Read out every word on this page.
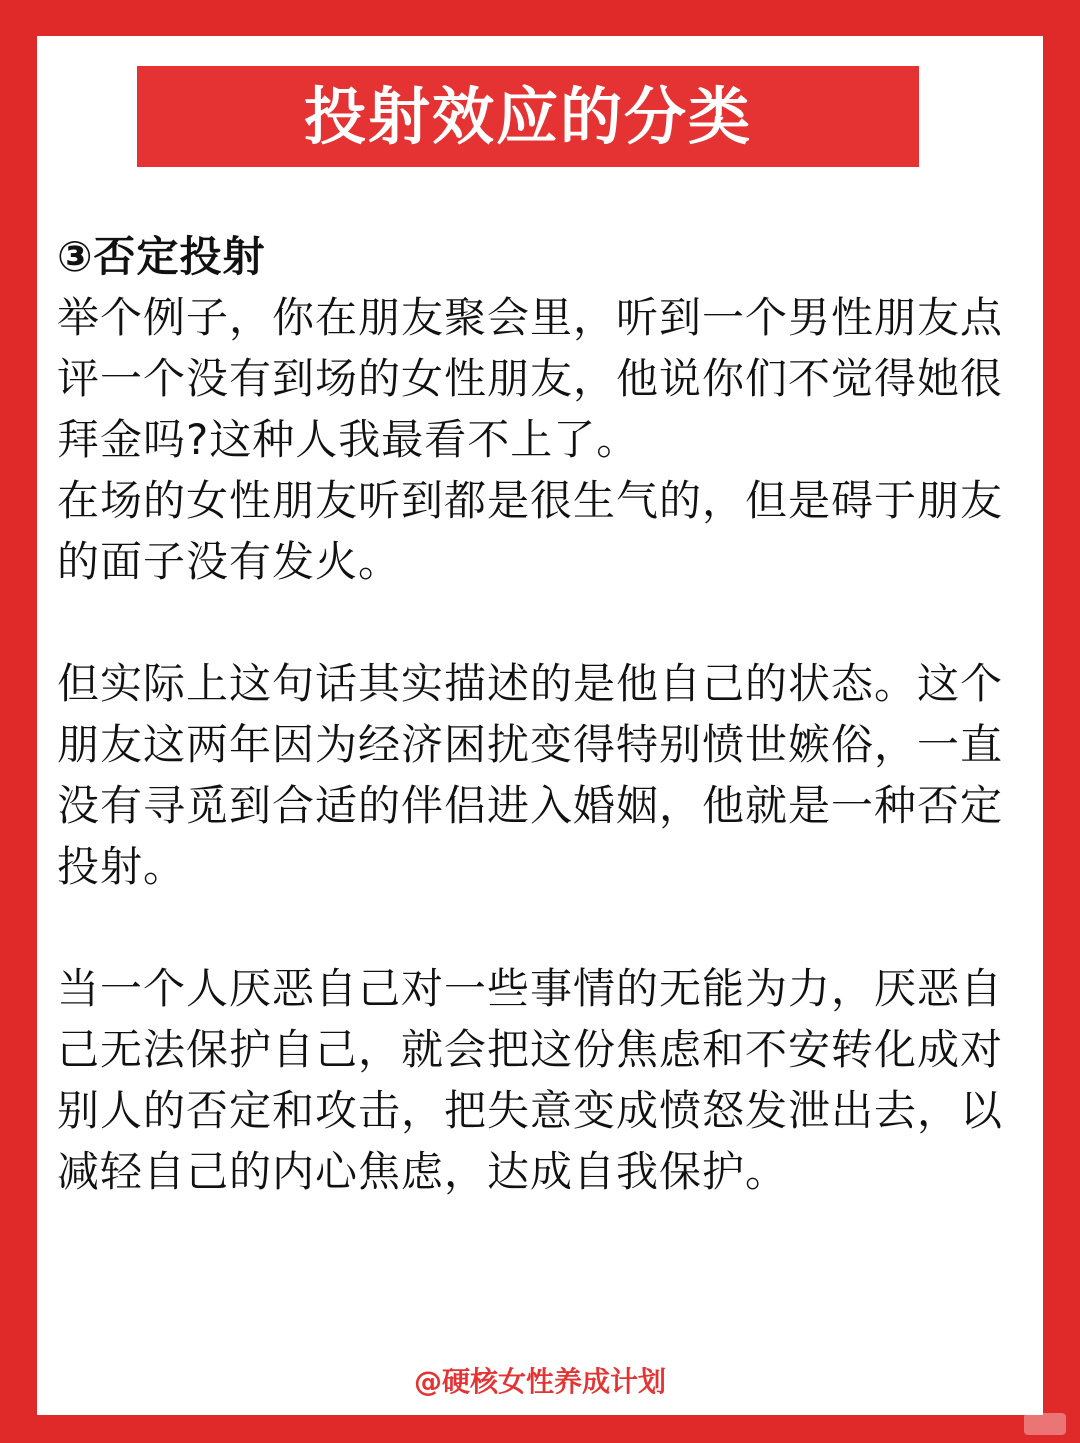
投射效应的分类
③否定投射

举个例子，你在朋友聚会里，听到一个男性朋友点评一个没有到场的女性朋友，他说你们不觉得她很拜金吗?这种人我最看不上了。
在场的女性朋友听到都是很生气的，但是碍于朋友的面子没有发火。

但实际上这句话其实描述的是他自己的状态。这个朋友这两年因为经济困扰变得特别愤世嫉俗，一直没有寻觅到合适的伴侣进入婚姻，他就是一种否定投射。

当一个人厌恶自己对一些事情的无能为力，厌恶自己无法保护自己，就会把这份焦虑和不安转化成对别人的否定和攻击，把失意变成愤怒发泄出去，以减轻自己的内心焦虑，达成自我保护。

@硬核女性养成计划
